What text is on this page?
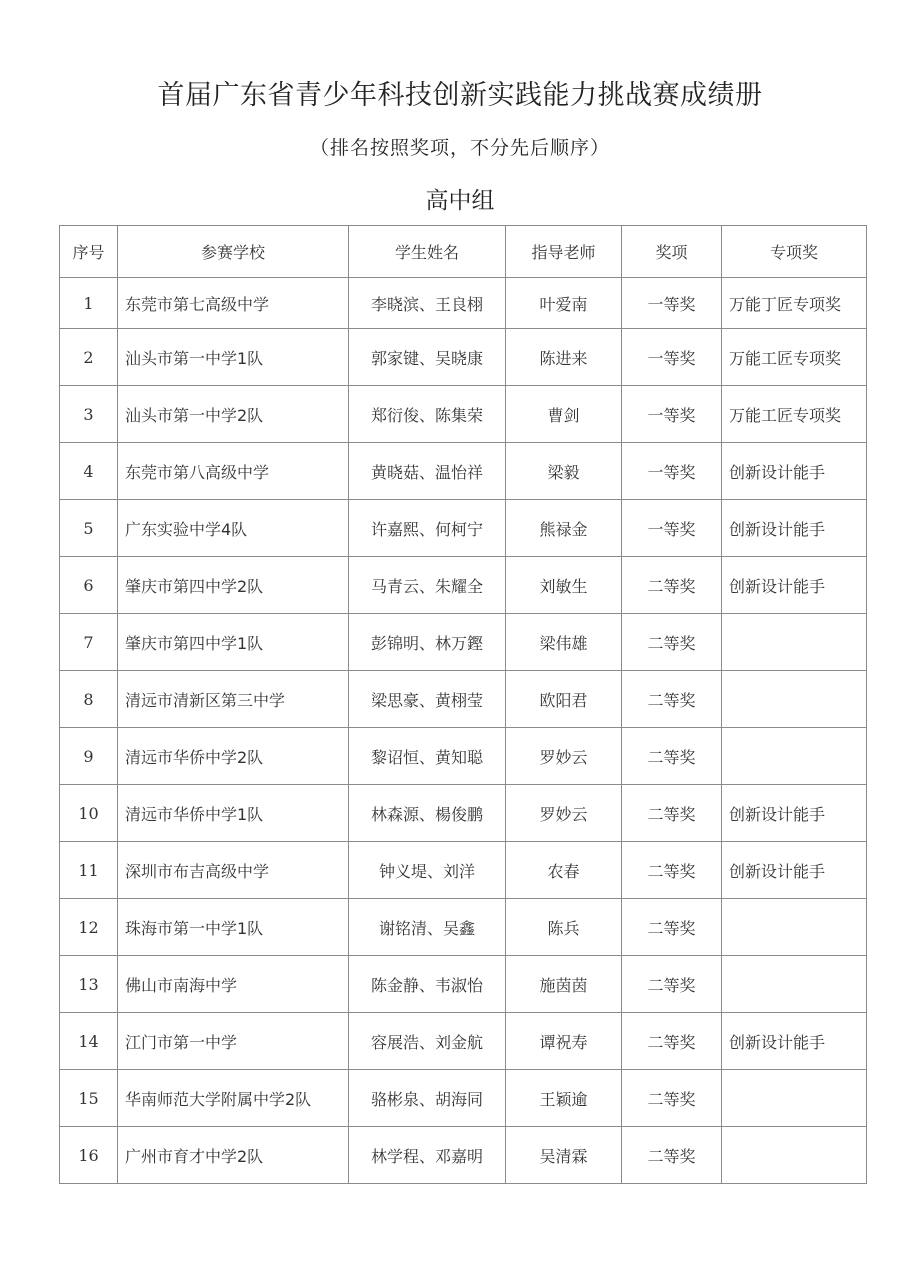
首届广东省青少年科技创新实践能力挑战赛成绩册
（排名按照奖项，不分先后顺序）
高中组
序号	参赛学校	学生姓名	指导老师	奖项	专项奖
1	东莞市第七高级中学	李晓滨、王良栩	叶爱南	一等奖	万能丁匠专项奖
2	汕头市第一中学1队	郭家键、吴晓康	陈进来	一等奖	万能工匠专项奖
3	汕头市第一中学2队	郑衍俊、陈集荣	曹剑	一等奖	万能工匠专项奖
4	东莞市第八高级中学	黄晓菇、温怡祥	梁毅	一等奖	创新设计能手
5	广东实验中学4队	许嘉熙、何柯宁	熊禄金	一等奖	创新设计能手
6	肇庆市第四中学2队	马青云、朱耀全	刘敏生	二等奖	创新设计能手
7	肇庆市第四中学1队	彭锦明、林万鏗	梁伟雄	二等奖	
8	清远市清新区第三中学	梁思豪、黄栩莹	欧阳君	二等奖	
9	清远市华侨中学2队	黎诏恒、黄知聪	罗妙云	二等奖	
10	清远市华侨中学1队	林森源、楊俊鹏	罗妙云	二等奖	创新设计能手
11	深圳市布吉高级中学	钟义堤、刘洋	农春	二等奖	创新设计能手
12	珠海市第一中学1队	谢铭清、吴鑫	陈兵	二等奖	
13	佛山市南海中学	陈金静、韦淑怡	施茵茵	二等奖	
14	江门市第一中学	容展浩、刘金航	谭祝寿	二等奖	创新设计能手
15	华南师范大学附属中学2队	骆彬泉、胡海同	王颖逾	二等奖	
16	广州市育才中学2队	林学程、邓嘉明	吴清霖	二等奖	
